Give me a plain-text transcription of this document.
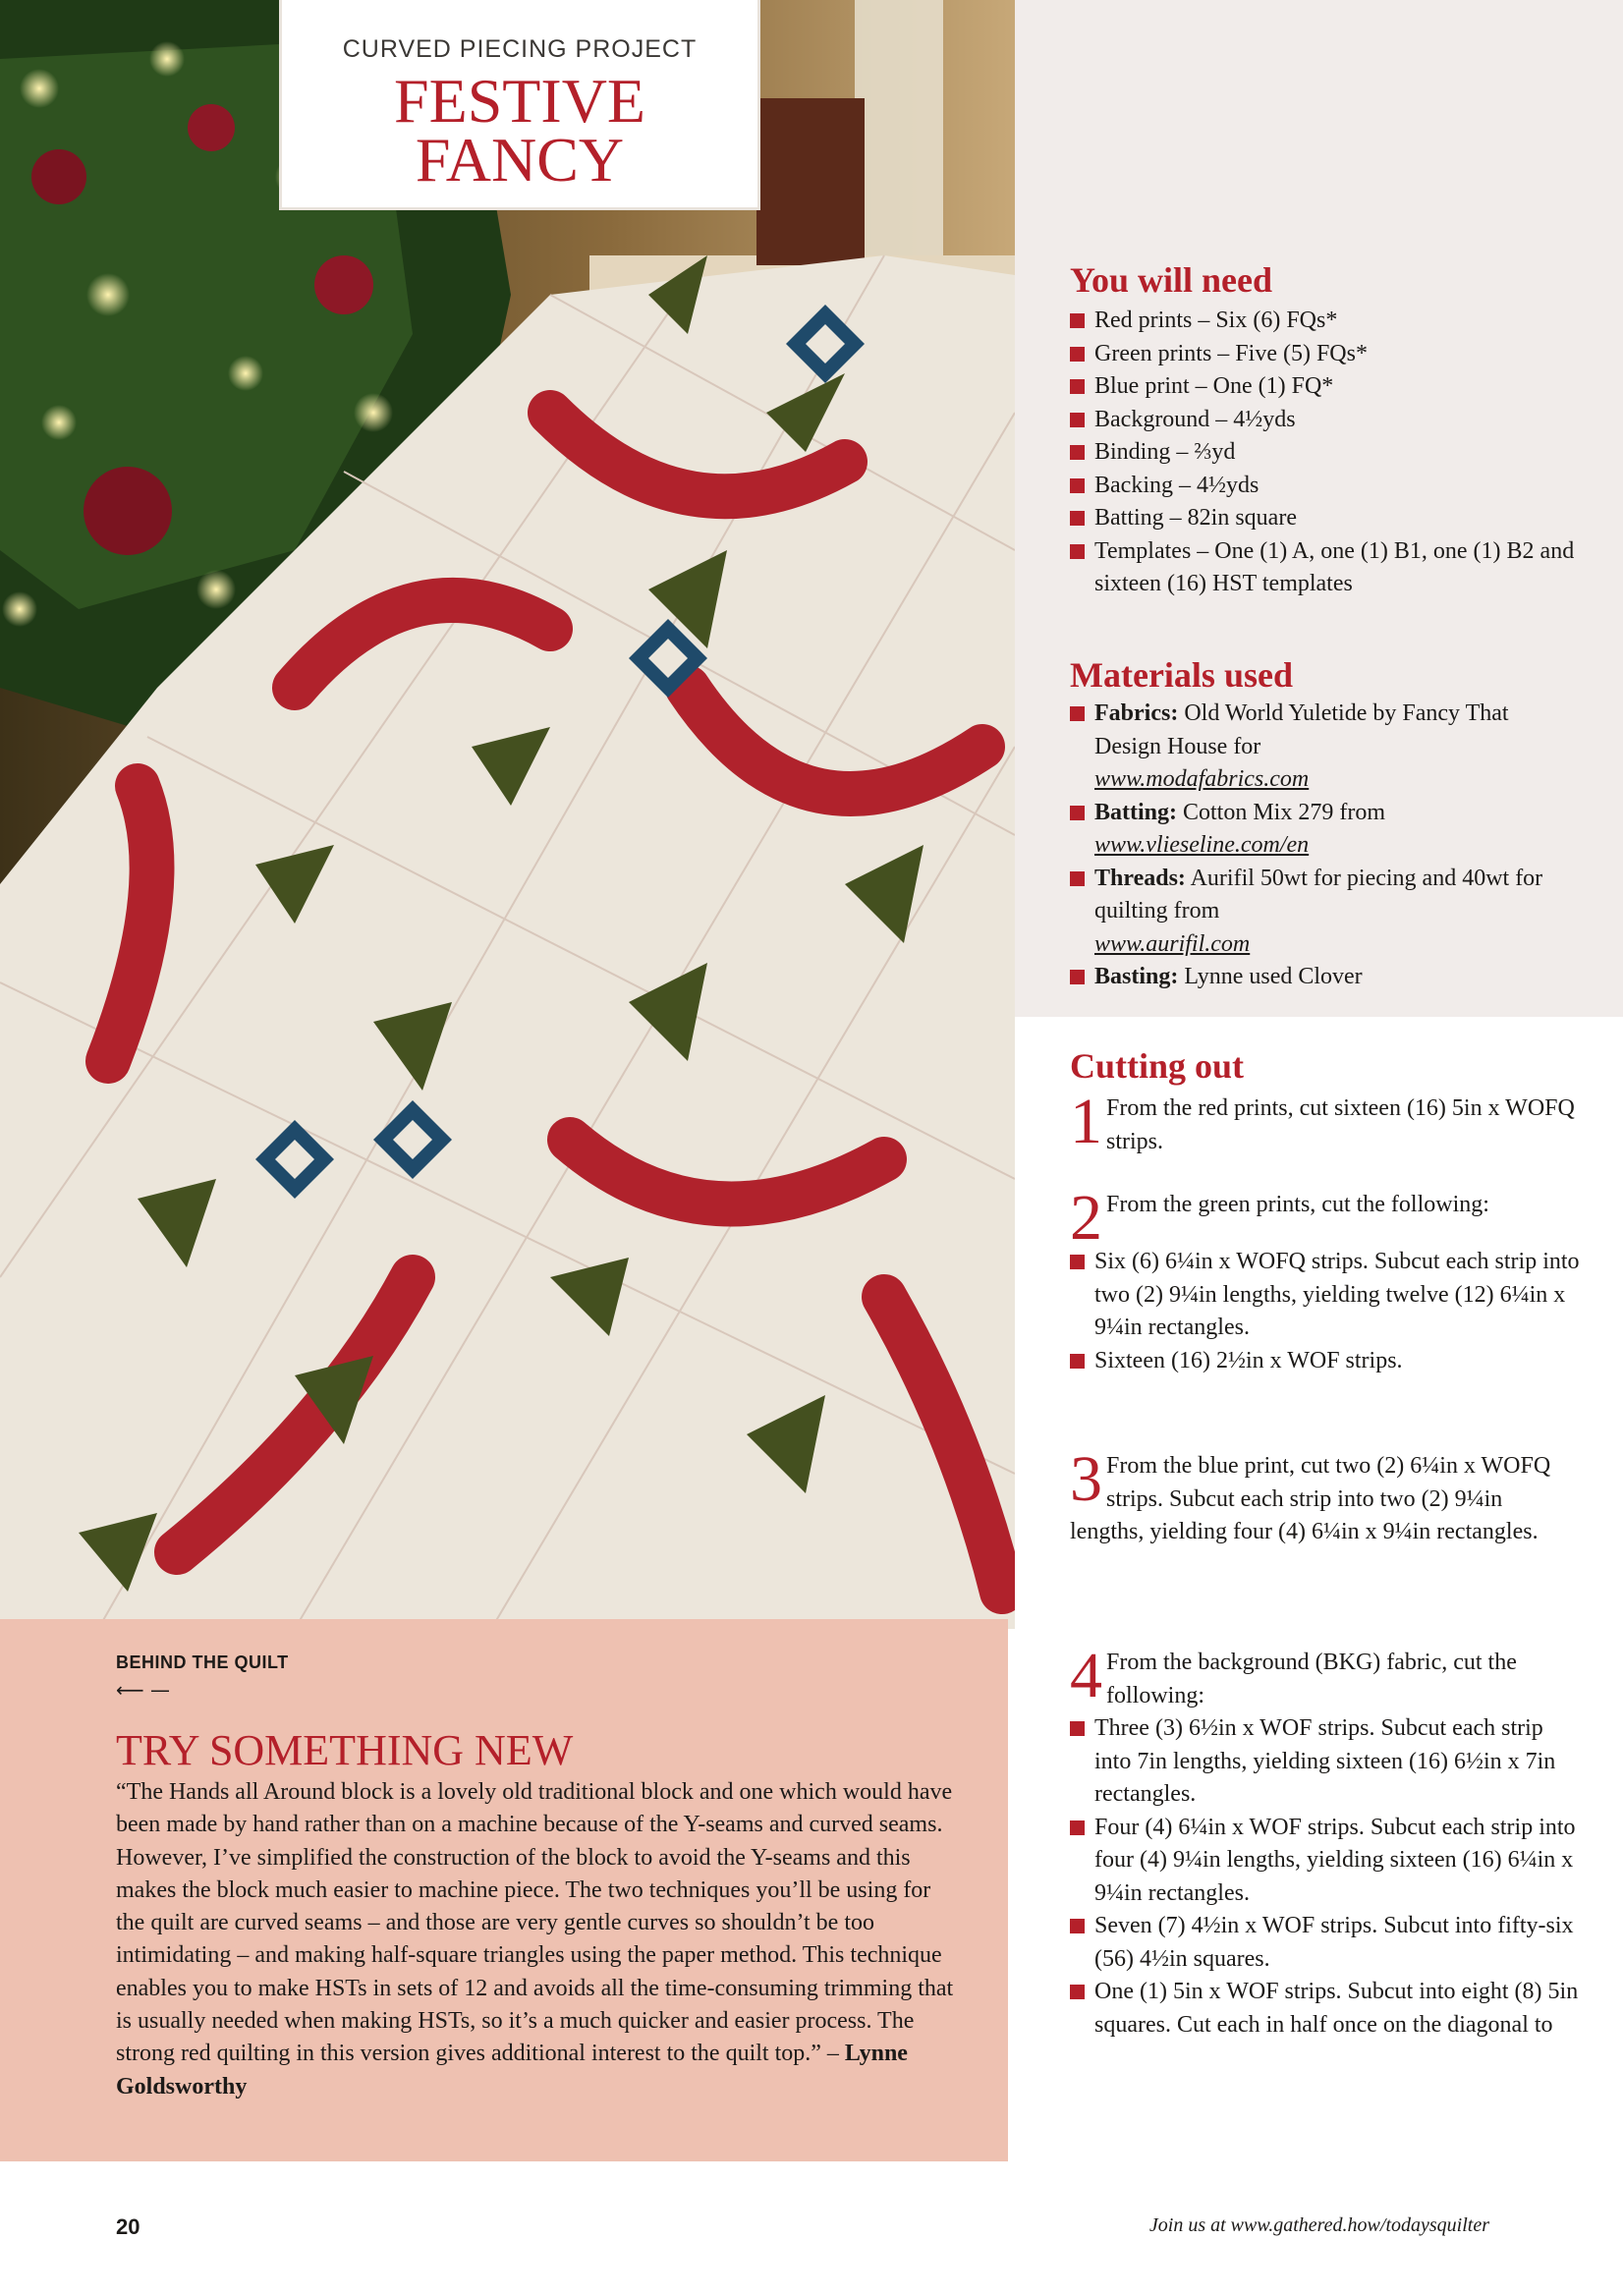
CURVED PIECING PROJECT
FESTIVE
FANCY
You will need
Red prints – Six (6) FQs*
Green prints – Five (5) FQs*
Blue print – One (1) FQ*
Background – 4½yds
Binding – ⅔yd
Backing – 4½yds
Batting – 82in square
Templates – One (1) A, one (1) B1, one (1) B2 and sixteen (16) HST templates
Materials used
Fabrics: Old World Yuletide by Fancy That Design House for
www.modafabrics.com
Batting: Cotton Mix 279 from
www.vlieseline.com/en
Threads: Aurifil 50wt for piecing and 40wt for quilting from
www.aurifil.com
Basting: Lynne used Clover
Cutting out
1 From the red prints, cut sixteen (16) 5in x WOFQ strips.
2 From the green prints, cut the following:
Six (6) 6¼in x WOFQ strips. Subcut each strip into two (2) 9¼in lengths, yielding twelve (12) 6¼in x 9¼in rectangles.
Sixteen (16) 2½in x WOF strips.
3 From the blue print, cut two (2) 6¼in x WOFQ strips. Subcut each strip into two (2) 9¼in lengths, yielding four (4) 6¼in x 9¼in rectangles.
4 From the background (BKG) fabric, cut the following:
Three (3) 6½in x WOF strips. Subcut each strip into 7in lengths, yielding sixteen (16) 6½in x 7in rectangles.
Four (4) 6¼in x WOF strips. Subcut each strip into four (4) 9¼in lengths, yielding sixteen (16) 6¼in x 9¼in rectangles.
Seven (7) 4½in x WOF strips. Subcut into fifty-six (56) 4½in squares.
One (1) 5in x WOF strips. Subcut into eight (8) 5in squares. Cut each in half once on the diagonal to
BEHIND THE QUILT
⟵ —
TRY SOMETHING NEW
“The Hands all Around block is a lovely old traditional block and one which would have been made by hand rather than on a machine because of the Y-seams and curved seams. However, I’ve simplified the construction of the block to avoid the Y-seams and this makes the block much easier to machine piece. The two techniques you’ll be using for the quilt are curved seams – and those are very gentle curves so shouldn’t be too intimidating – and making half-square triangles using the paper method. This technique enables you to make HSTs in sets of 12 and avoids all the time-consuming trimming that is usually needed when making HSTs, so it’s a much quicker and easier process. The strong red quilting in this version gives additional interest to the quilt top.” – Lynne Goldsworthy
20	Join us at www.gathered.how/todaysquilter
